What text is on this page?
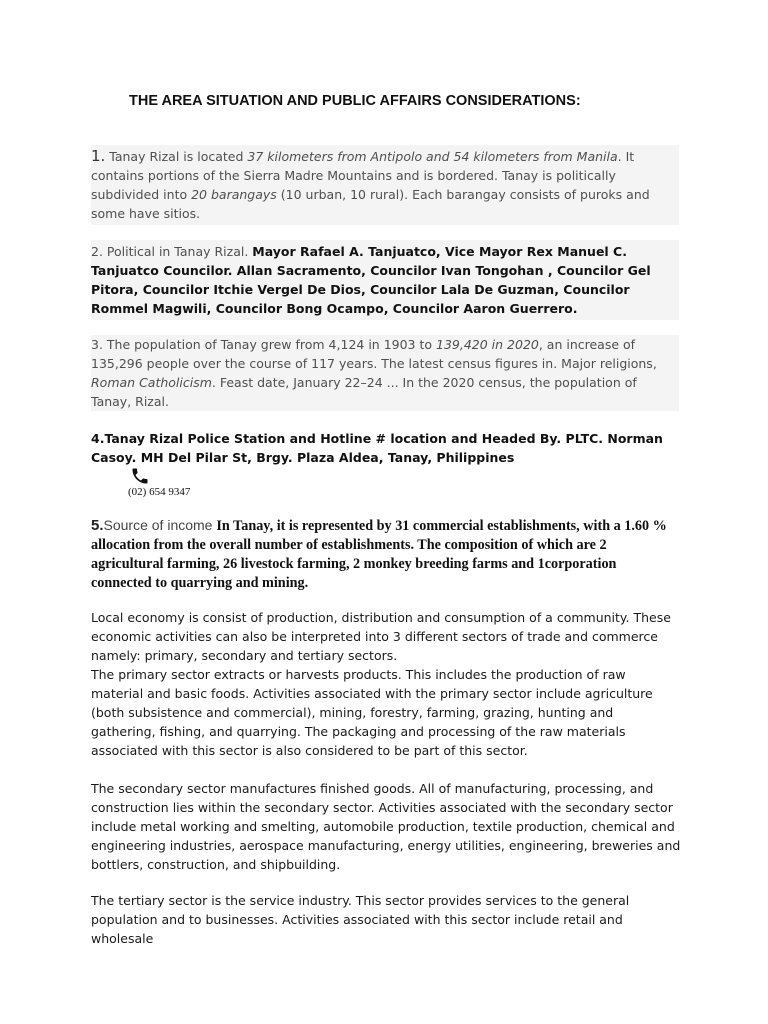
THE AREA SITUATION AND PUBLIC AFFAIRS CONSIDERATIONS:
1. Tanay Rizal is located 37 kilometers from Antipolo and 54 kilometers from Manila. It contains portions of the Sierra Madre Mountains and is bordered. Tanay is politically subdivided into 20 barangays (10 urban, 10 rural). Each barangay consists of puroks and some have sitios.
2. Political in Tanay Rizal. Mayor Rafael A. Tanjuatco, Vice Mayor Rex Manuel C. Tanjuatco Councilor. Allan Sacramento, Councilor Ivan Tongohan , Councilor Gel Pitora, Councilor Itchie Vergel De Dios, Councilor Lala De Guzman, Councilor Rommel Magwili, Councilor Bong Ocampo, Councilor Aaron Guerrero.
3. The population of Tanay grew from 4,124 in 1903 to 139,420 in 2020, an increase of 135,296 people over the course of 117 years. The latest census figures in. Major religions, Roman Catholicism. Feast date, January 22–24 ... In the 2020 census, the population of Tanay, Rizal.
4.Tanay Rizal Police Station and Hotline # location and Headed By. PLTC. Norman Casoy. MH Del Pilar St, Brgy. Plaza Aldea, Tanay, Philippines
(02) 654 9347
5.Source of income In Tanay, it is represented by 31 commercial establishments, with a 1.60 % allocation from the overall number of establishments. The composition of which are 2 agricultural farming, 26 livestock farming, 2 monkey breeding farms and 1corporation connected to quarrying and mining.

Local economy is consist of production, distribution and consumption of a community. These economic activities can also be interpreted into 3 different sectors of trade and commerce namely: primary, secondary and tertiary sectors.

The primary sector extracts or harvests products. This includes the production of raw material and basic foods. Activities associated with the primary sector include agriculture (both subsistence and commercial), mining, forestry, farming, grazing, hunting and gathering, fishing, and quarrying. The packaging and processing of the raw materials associated with this sector is also considered to be part of this sector.

The secondary sector manufactures finished goods. All of manufacturing, processing, and construction lies within the secondary sector. Activities associated with the secondary sector include metal working and smelting, automobile production, textile production, chemical and engineering industries, aerospace manufacturing, energy utilities, engineering, breweries and bottlers, construction, and shipbuilding.

The tertiary sector is the service industry. This sector provides services to the general population and to businesses. Activities associated with this sector include retail and wholesale
